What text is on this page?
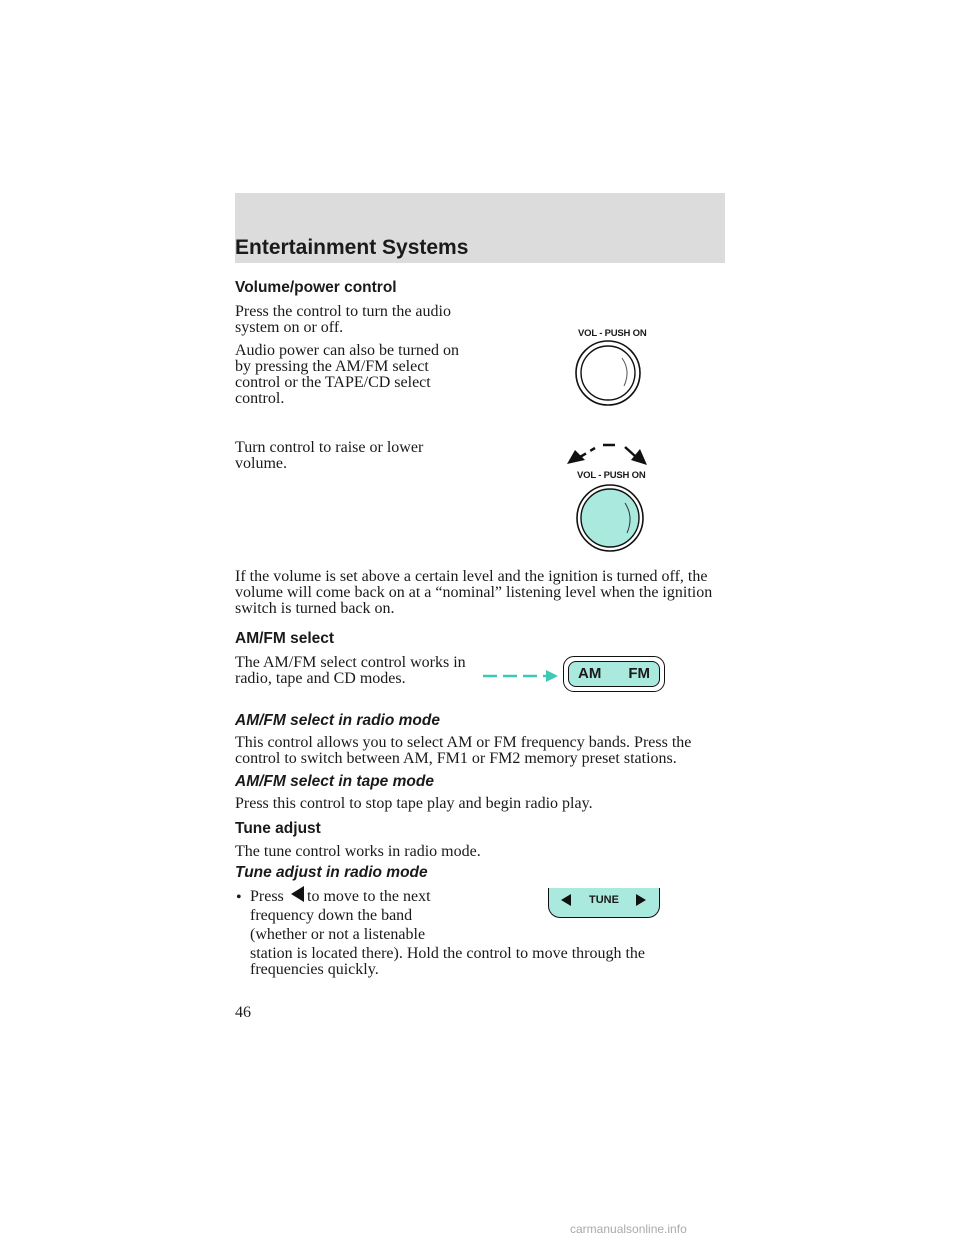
Entertainment Systems
Volume/power control
Press the control to turn the audio system on or off.
Audio power can also be turned on by pressing the AM/FM select control or the TAPE/CD select control.
Turn control to raise or lower volume.
VOL - PUSH ON
VOL - PUSH ON
If the volume is set above a certain level and the ignition is turned off, the volume will come back on at a “nominal” listening level when the ignition switch is turned back on.
AM/FM select
The AM/FM select control works in radio, tape and CD modes.	AM FM
AM/FM select in radio mode
This control allows you to select AM or FM frequency bands. Press the control to switch between AM, FM1 or FM2 memory preset stations.
AM/FM select in tape mode
Press this control to stop tape play and begin radio play.
Tune adjust
The tune control works in radio mode.
Tune adjust in radio mode
• Press to move to the next
frequency down the band
(whether or not a listenable
station is located there). Hold the control to move through the frequencies quickly.
TUNE
46
carmanualsonline.info
